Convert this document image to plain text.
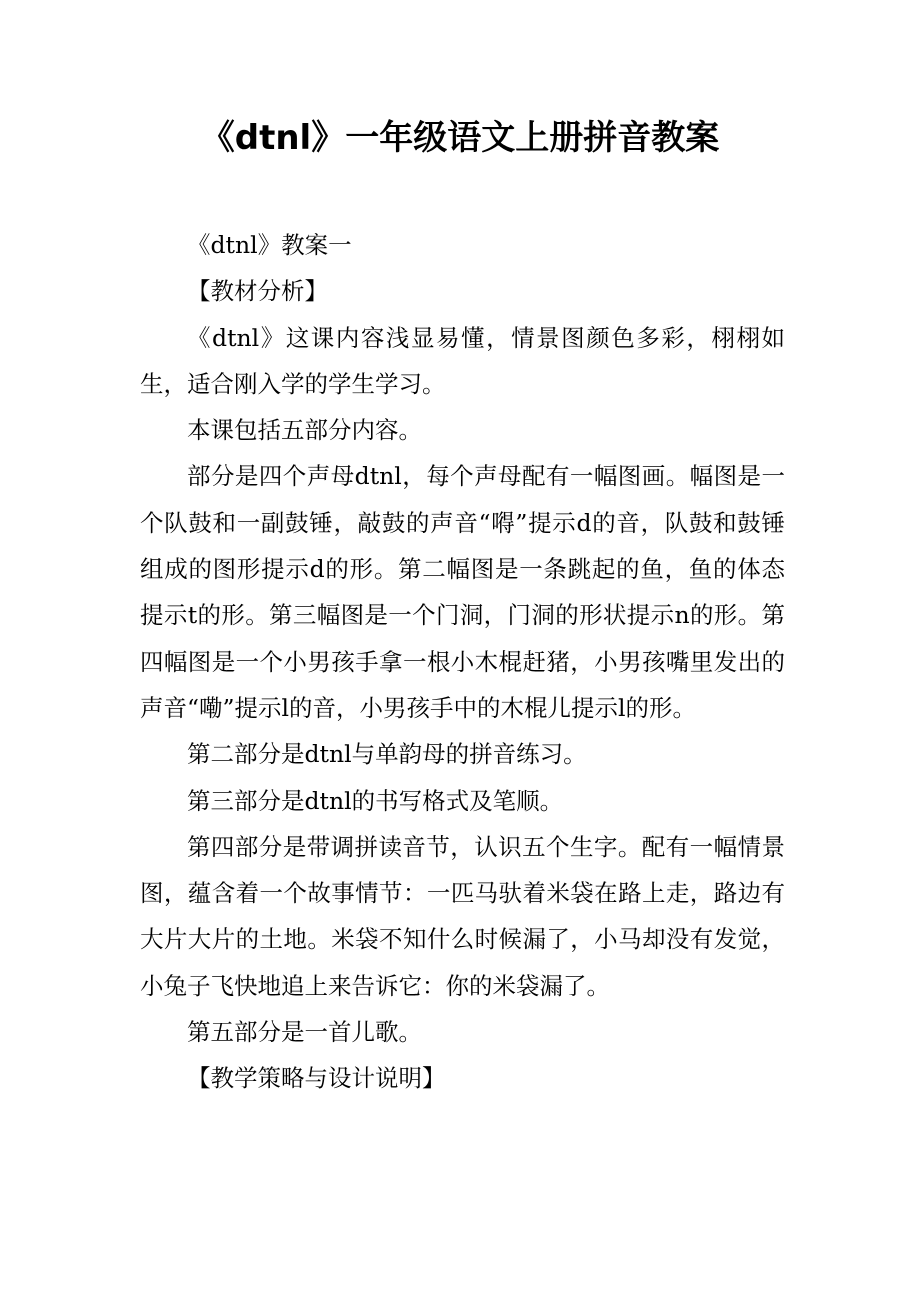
《dtnl》一年级语文上册拼音教案

《dtnl》教案一

【教材分析】

《dtnl》这课内容浅显易懂，情景图颜色多彩，栩栩如生，适合刚入学的学生学习。

本课包括五部分内容。

部分是四个声母dtnl，每个声母配有一幅图画。幅图是一个队鼓和一副鼓锤，敲鼓的声音“嘚”提示d的音，队鼓和鼓锤组成的图形提示d的形。第二幅图是一条跳起的鱼，鱼的体态提示t的形。第三幅图是一个门洞，门洞的形状提示n的形。第四幅图是一个小男孩手拿一根小木棍赶猪，小男孩嘴里发出的声音“嘞”提示l的音，小男孩手中的木棍儿提示l的形。

第二部分是dtnl与单韵母的拼音练习。

第三部分是dtnl的书写格式及笔顺。

第四部分是带调拼读音节，认识五个生字。配有一幅情景图，蕴含着一个故事情节：一匹马驮着米袋在路上走，路边有大片大片的土地。米袋不知什么时候漏了，小马却没有发觉，小兔子飞快地追上来告诉它：你的米袋漏了。

第五部分是一首儿歌。

【教学策略与设计说明】
